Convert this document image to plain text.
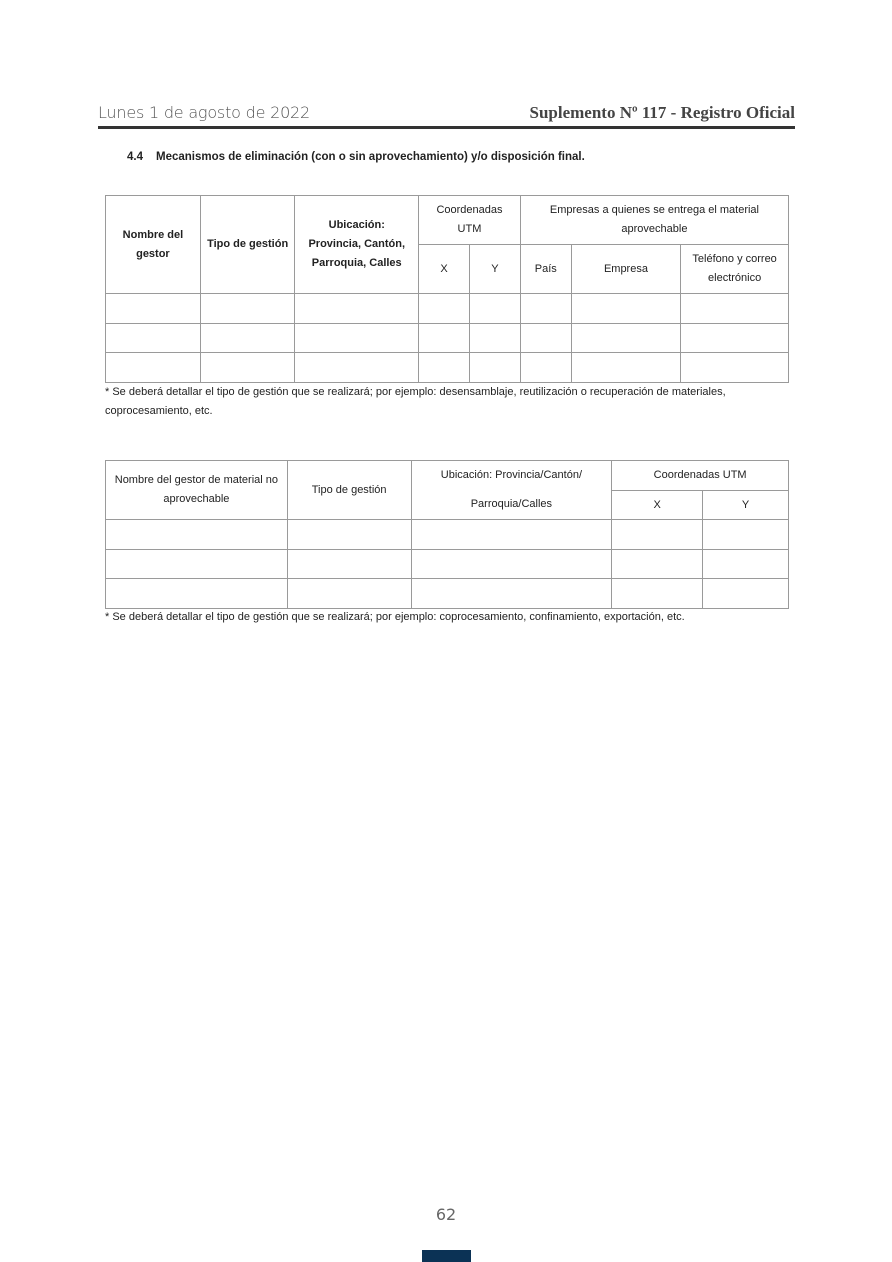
Lunes 1 de agosto de 2022	Suplemento Nº 117 - Registro Oficial
4.4 Mecanismos de eliminación (con o sin aprovechamiento) y/o disposición final.
Nombre del gestor	Tipo de gestión	Ubicación: Provincia, Cantón, Parroquia, Calles	Coordenadas UTM		Empresas a quienes se entrega el material aprovechable		
			X	Y	País	Empresa	Teléfono y correo electrónico

* Se deberá detallar el tipo de gestión que se realizará; por ejemplo: desensamblaje, reutilización o recuperación de materiales, coprocesamiento, etc.
Nombre del gestor de material no aprovechable	Tipo de gestión	Ubicación: Provincia/Cantón/
Parroquia/Calles	Coordenadas UTM	
			X	Y

* Se deberá detallar el tipo de gestión que se realizará; por ejemplo: coprocesamiento, confinamiento, exportación, etc.
62
